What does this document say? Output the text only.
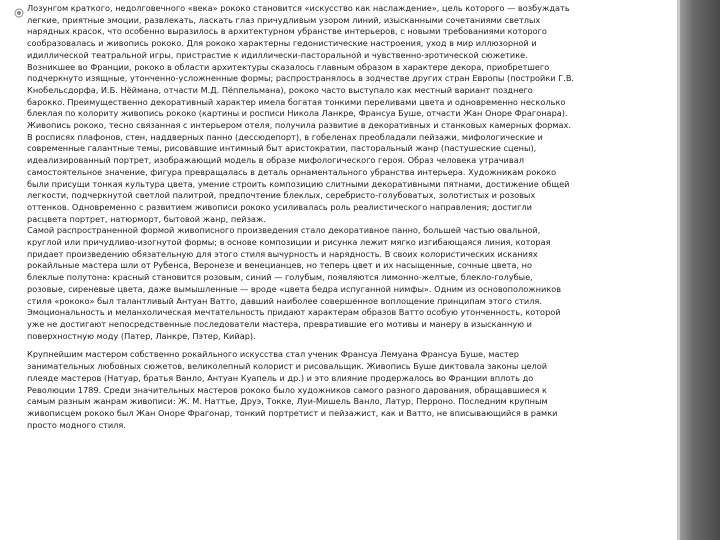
Лозунгом краткого, недолговечного «века» рококо становится «искусство как наслаждение», цель которого — возбуждать
легкие, приятные эмоции, развлекать, ласкать глаз причудливым узором линий, изысканными сочетаниями светлых
нарядных красок, что особенно выразилось в архитектурном убранстве интерьеров, с новыми требованиями которого
сообразовалась и живопись рококо. Для рококо характерны гедонистические настроения, уход в мир иллюзорной и
идиллической театральной игры, пристрастие к идиллически-пасторальной и чувственно-эротической сюжетике.
Возникшее во Франции, рококо в области архитектуры сказалось главным образом в характере декора, приобретшего
подчеркнуто изящные, утонченно-усложненные формы; распространялось в зодчестве других стран Европы (постройки Г.В.
Кнобельсдорфа, И.Б. Нёймана, отчасти М.Д. Пёппельмана), рококо часто выступало как местный вариант позднего
барокко. Преимущественно декоративный характер имела богатая тонкими переливами цвета и одновременно несколько
блеклая по колориту живопись рококо (картины и росписи Никола Ланкре, Франсуа Буше, отчасти Жан Оноре Фрагонара).
Живопись рококо, тесно связанная с интерьером отеля, получила развитие в декоративных и станковых камерных формах.
В росписях плафонов, стен, наддверных панно (дессюдепорт), в гобеленах преобладали пейзажи, мифологические и
современные галантные темы, рисовавшие интимный быт аристократии, пасторальный жанр (пастушеские сцены),
идеализированный портрет, изображающий модель в образе мифологического героя. Образ человека утрачивал
самостоятельное значение, фигура превращалась в деталь орнаментального убранства интерьера. Художникам рококо
были присущи тонкая культура цвета, умение строить композицию слитными декоративными пятнами, достижение общей
легкости, подчеркнутой светлой палитрой, предпочтение блеклых, серебристо-голубоватых, золотистых и розовых
оттенков. Одновременно с развитием живописи рококо усиливалась роль реалистического направления; достигли
расцвета портрет, натюрморт, бытовой жанр, пейзаж.
Самой распространенной формой живописного произведения стало декоративное панно, большей частью овальной,
круглой или причудливо-изогнутой формы; в основе композиции и рисунка лежит мягко изгибающаяся линия, которая
придает произведению обязательную для этого стиля вычурность и нарядность. В своих колористических исканиях
рокайльные мастера шли от Рубенса, Веронезе и венецианцев, но теперь цвет и их насыщенные, сочные цвета, но
блеклые полутона: красный становится розовым, синий — голубым, появляются лимонно-желтые, блекло-голубые,
розовые, сиреневые цвета, даже вымышленные — вроде «цвета бедра испуганной нимфы». Одним из основоположников
стиля «рококо» был талантливый Антуан Ватто, давший наиболее совершенное воплощение принципам этого стиля.
Эмоциональность и меланхолическая мечтательность придают характерам образов Ватто особую утонченность, которой
уже не достигают непосредственные последователи мастера, превратившие его мотивы и манеру в изысканную и
поверхностную моду (Патер, Ланкре, Пэтер, Кийар).

Крупнейшим мастером собственно рокайльного искусства стал ученик Франсуа Лемуана Франсуа Буше, мастер
занимательных любовных сюжетов, великолепный колорист и рисовальщик. Живопись Буше диктовала законы целой
плеяде мастеров (Натуар, братья Ванло, Антуан Куапель и др.) и это влияние продержалось во Франции вплоть до
Революции 1789. Среди значительных мастеров рококо было художников самого разного дарования, обращавшиеся к
самым разным жанрам живописи: Ж. М. Наттье, Друэ, Токке, Луи-Мишель Ванло, Латур, Перроно. Последним крупным
живописцем рококо был Жан Оноре Фрагонар, тонкий портретист и пейзажист, как и Ватто, не вписывающийся в рамки
просто модного стиля.
